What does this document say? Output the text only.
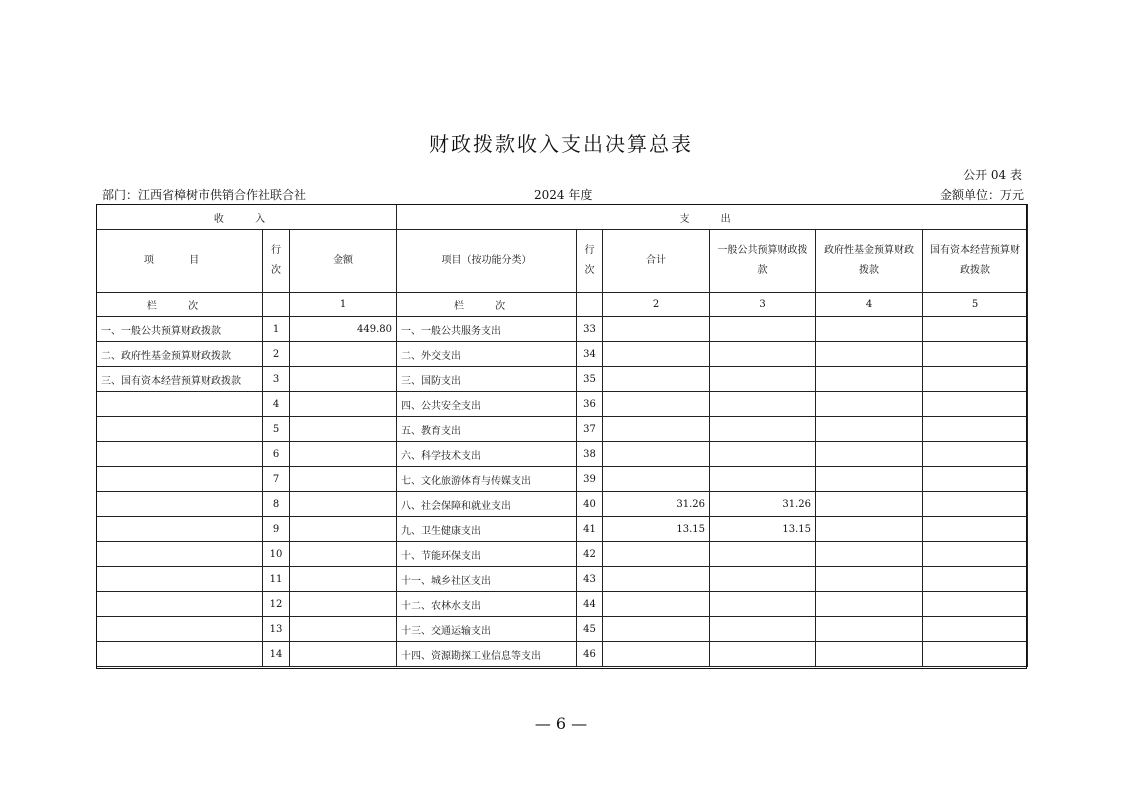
财政拨款收入支出决算总表
公开 04 表
部门：江西省樟树市供销合作社联合社	2024 年度	金额单位：万元
收 入			支 出					
项 目	行次	金额	项目（按功能分类）	行次	合计	一般公共预算财政拨款	政府性基金预算财政拨款	国有资本经营预算财政拨款
栏 次		1	栏 次		2	3	4	5
一、一般公共预算财政拨款	1	449.80	一、一般公共服务支出	33				
二、政府性基金预算财政拨款	2		二、外交支出	34				
三、国有资本经营预算财政拨款	3		三、国防支出	35				
	4		四、公共安全支出	36				
	5		五、教育支出	37				
	6		六、科学技术支出	38				
	7		七、文化旅游体育与传媒支出	39				
	8		八、社会保障和就业支出	40	31.26	31.26		
	9		九、卫生健康支出	41	13.15	13.15		
	10		十、节能环保支出	42				
	11		十一、城乡社区支出	43				
	12		十二、农林水支出	44				
	13		十三、交通运输支出	45				
	14		十四、资源勘探工业信息等支出	46				
— 6 —
